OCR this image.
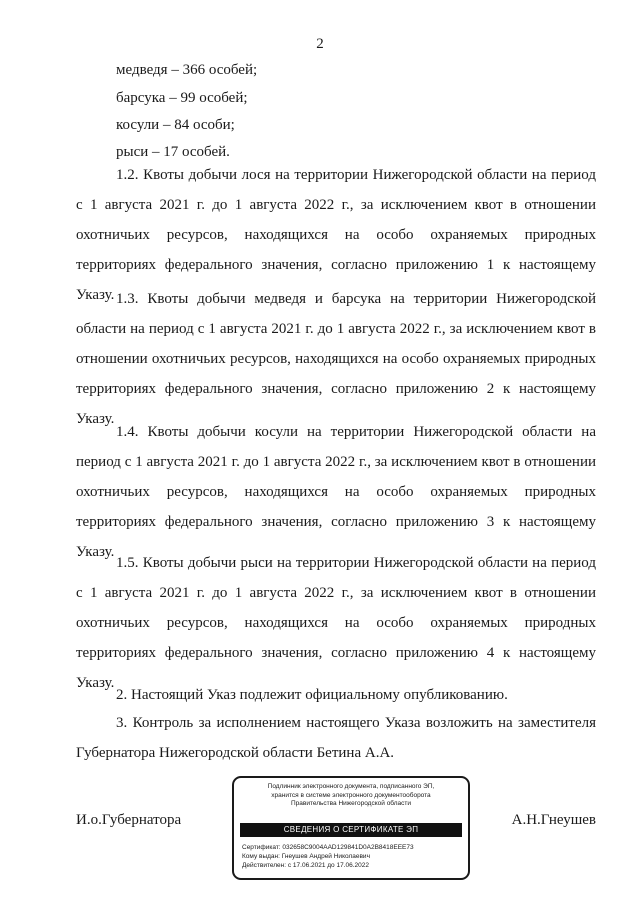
2
медведя – 366 особей;
барсука – 99 особей;
косули – 84 особи;
рыси – 17 особей.
1.2. Квоты добычи лося на территории Нижегородской области на период с 1 августа 2021 г. до 1 августа 2022 г., за исключением квот в отношении охотничьих ресурсов, находящихся на особо охраняемых природных территориях федерального значения, согласно приложению 1 к настоящему Указу. 1.3. Квоты добычи медведя и барсука на территории Нижегородской области на период с 1 августа 2021 г. до 1 августа 2022 г., за исключением квот в отношении охотничьих ресурсов, находящихся на особо охраняемых природных территориях федерального значения, согласно приложению 2 к настоящему Указу.
1.4. Квоты добычи косули на территории Нижегородской области на период с 1 августа 2021 г. до 1 августа 2022 г., за исключением квот в отношении охотничьих ресурсов, находящихся на особо охраняемых природных территориях федерального значения, согласно приложению 3 к настоящему Указу.
1.5. Квоты добычи рыси на территории Нижегородской области на период с 1 августа 2021 г. до 1 августа 2022 г., за исключением квот в отношении охотничьих ресурсов, находящихся на особо охраняемых природных территориях федерального значения, согласно приложению 4 к настоящему Указу.
2. Настоящий Указ подлежит официальному опубликованию.
3. Контроль за исполнением настоящего Указа возложить на заместителя Губернатора Нижегородской области Бетина А.А.
И.о.Губернатора	А.Н.Гнеушев
Подлинник электронного документа, подписанного ЭП,
хранится в системе электронного документооборота
Правительства Нижегородской области
СВЕДЕНИЯ О СЕРТИФИКАТЕ ЭП
Сертификат: 032658C9004AAD129841D0A2B8418EEE73
Кому выдан: Гнеушев Андрей Николаевич
Действителен: с 17.06.2021 до 17.06.2022
